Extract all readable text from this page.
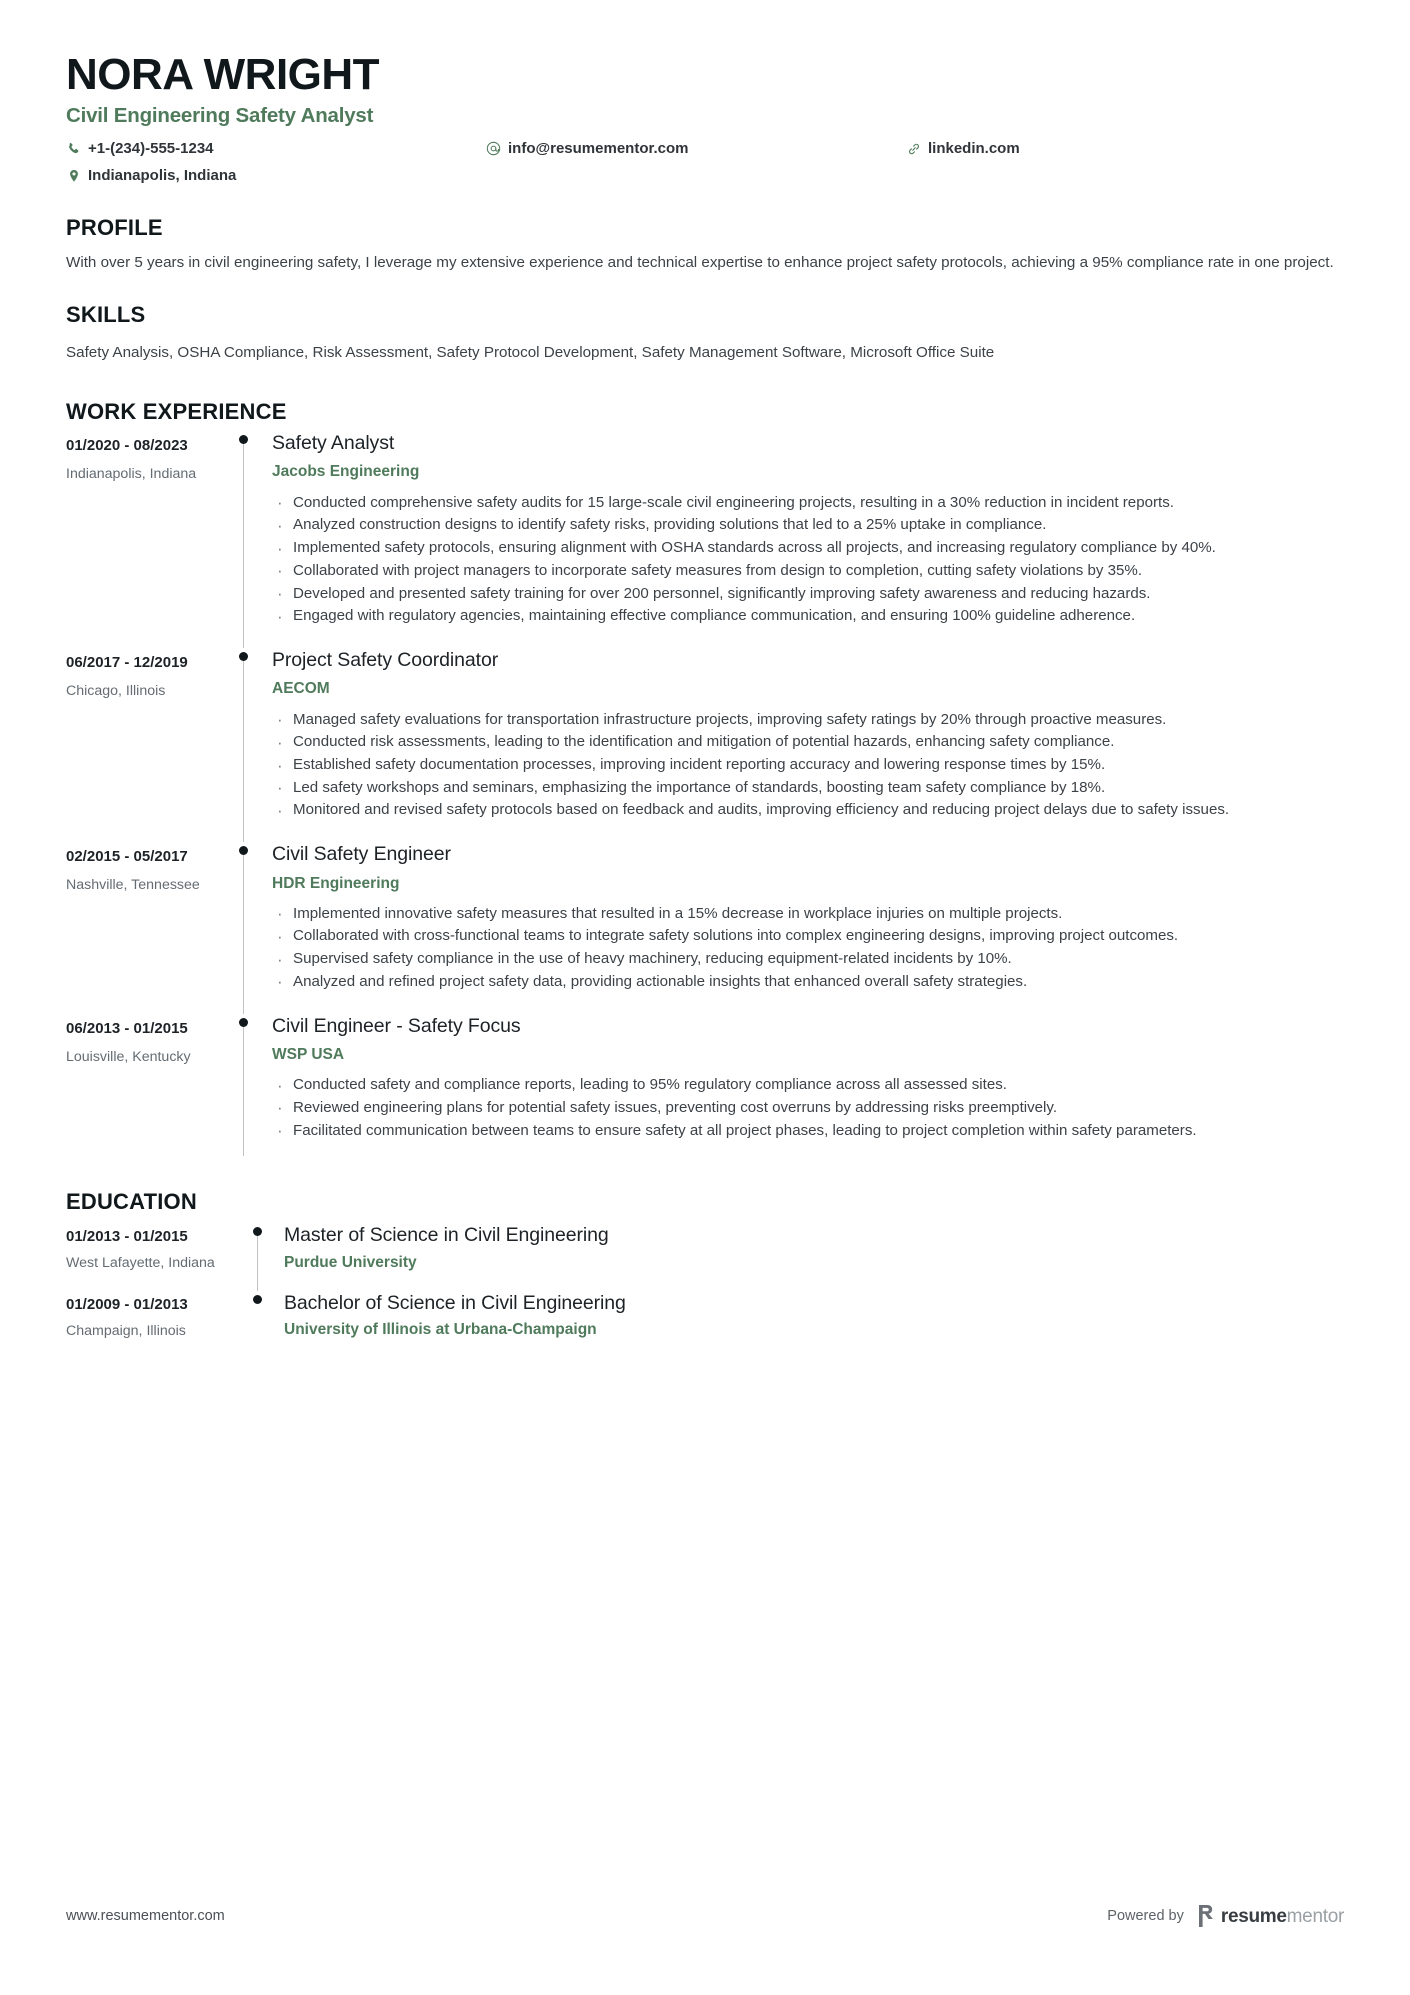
NORA WRIGHT
Civil Engineering Safety Analyst
+1-(234)-555-1234	info@resumementor.com	linkedin.com
Indianapolis, Indiana
PROFILE
With over 5 years in civil engineering safety, I leverage my extensive experience and technical expertise to enhance project safety protocols, achieving a 95% compliance rate in one project.
SKILLS
Safety Analysis, OSHA Compliance, Risk Assessment, Safety Protocol Development, Safety Management Software, Microsoft Office Suite
WORK EXPERIENCE
01/2020 - 08/2023
Indianapolis, Indiana
Safety Analyst
Jacobs Engineering
· Conducted comprehensive safety audits for 15 large-scale civil engineering projects, resulting in a 30% reduction in incident reports.
· Analyzed construction designs to identify safety risks, providing solutions that led to a 25% uptake in compliance.
· Implemented safety protocols, ensuring alignment with OSHA standards across all projects, and increasing regulatory compliance by 40%.
· Collaborated with project managers to incorporate safety measures from design to completion, cutting safety violations by 35%.
· Developed and presented safety training for over 200 personnel, significantly improving safety awareness and reducing hazards.
· Engaged with regulatory agencies, maintaining effective compliance communication, and ensuring 100% guideline adherence.
06/2017 - 12/2019
Chicago, Illinois
Project Safety Coordinator
AECOM
· Managed safety evaluations for transportation infrastructure projects, improving safety ratings by 20% through proactive measures.
· Conducted risk assessments, leading to the identification and mitigation of potential hazards, enhancing safety compliance.
· Established safety documentation processes, improving incident reporting accuracy and lowering response times by 15%.
· Led safety workshops and seminars, emphasizing the importance of standards, boosting team safety compliance by 18%.
· Monitored and revised safety protocols based on feedback and audits, improving efficiency and reducing project delays due to safety issues.
02/2015 - 05/2017
Nashville, Tennessee
Civil Safety Engineer
HDR Engineering
· Implemented innovative safety measures that resulted in a 15% decrease in workplace injuries on multiple projects.
· Collaborated with cross-functional teams to integrate safety solutions into complex engineering designs, improving project outcomes.
· Supervised safety compliance in the use of heavy machinery, reducing equipment-related incidents by 10%.
· Analyzed and refined project safety data, providing actionable insights that enhanced overall safety strategies.
06/2013 - 01/2015
Louisville, Kentucky
Civil Engineer - Safety Focus
WSP USA
· Conducted safety and compliance reports, leading to 95% regulatory compliance across all assessed sites.
· Reviewed engineering plans for potential safety issues, preventing cost overruns by addressing risks preemptively.
· Facilitated communication between teams to ensure safety at all project phases, leading to project completion within safety parameters.
EDUCATION
01/2013 - 01/2015
West Lafayette, Indiana
Master of Science in Civil Engineering
Purdue University
01/2009 - 01/2013
Champaign, Illinois
Bachelor of Science in Civil Engineering
University of Illinois at Urbana-Champaign
www.resumementor.com	Powered by resumementor
